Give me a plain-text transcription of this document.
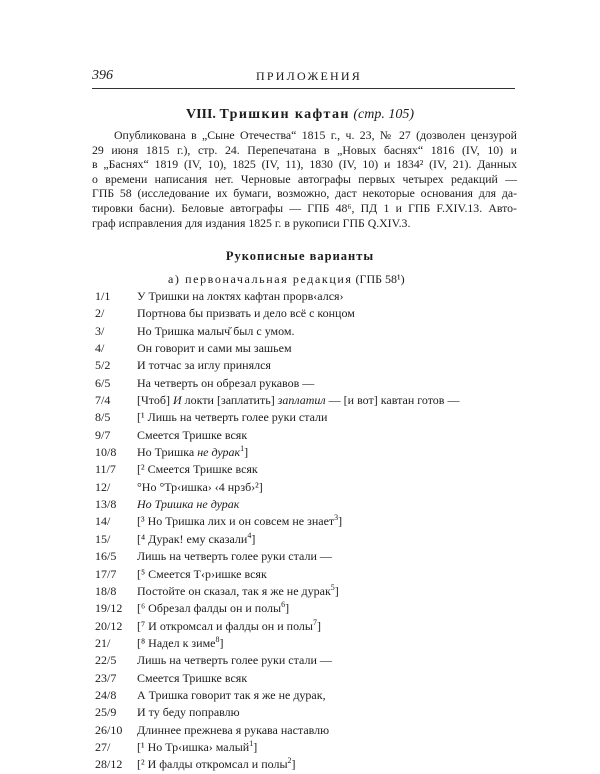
396	ПРИЛОЖЕНИЯ
VIII. Тришкин кафтан (стр. 105)
Опубликована в „Сыне Отечества“ 1815 г., ч. 23, № 27 (дозволен цензурой
29 июня 1815 г.), стр. 24. Перепечатана в „Новых баснях“ 1816 (IV, 10) и
в „Баснях“ 1819 (IV, 10), 1825 (IV, 11), 1830 (IV, 10) и 1834² (IV, 21). Данных
о времени написания нет. Черновые автографы первых четырех редакций —
ГПБ 58 (исследование их бумаги, возможно, даст некоторые основания для да-
тировки басни). Беловые автографы — ГПБ 48⁶, ПД 1 и ГПБ F.XIV.13. Авто-
граф исправления для издания 1825 г. в рукописи ГПБ Q.XIV.3.
Рукописные варианты
а) первоначальная редакция (ГПБ 58¹)
1/1 У Тришки на локтях кафтан прорв‹ался›
2/	Портнова бы призвать и дело всё с концом
3/	Но Тришка малыч̆ был с умом.
4/	Он говорит и сами мы зашьем
5/2 И тотчас за иглу принялся
6/5 На четверть он обрезал рукавов —
7/4 [Чтоб] И локти [заплатить] заплатил — [и вот] кавтан готов —
8/5 [¹ Лишь на четверть голее руки стали
9/7 Смеется Тришке всяк
10/8 Но Тришка не дурак$^1$]
11/7 [² Смеется Тришке всяк
12/ °Но °Тр‹ишка› ‹4 нрзб›²]
13/8 Но Тришка не дурак
14/ [³ Но Тришка лих и он совсем не знает$^3$]
15/ [⁴ Дурак! ему сказали$^4$]
16/5 Лишь на четверть голее руки стали —
17/7 [⁵ Смеется Т‹р›ишке всяк
18/8 Постойте он сказал, так я же не дурак$^5$]
19/12 [⁶ Обрезал фалды он и полы$^6$]
20/12 [⁷ И откромсал и фалды он и полы$^7$]
21/ [⁸ Надел к зиме$^8$]
22/5 Лишь на четверть голее руки стали —
23/7 Смеется Тришке всяк
24/8 А Тришка говорит так я же не дурак,
25/9 И ту беду поправлю
26/10 Длиннее прежнева я рукава наставлю
27/ [¹ Но Тр‹ишка› малый$^1$]
28/12 [² И фалды откромсал и полы$^2$]
